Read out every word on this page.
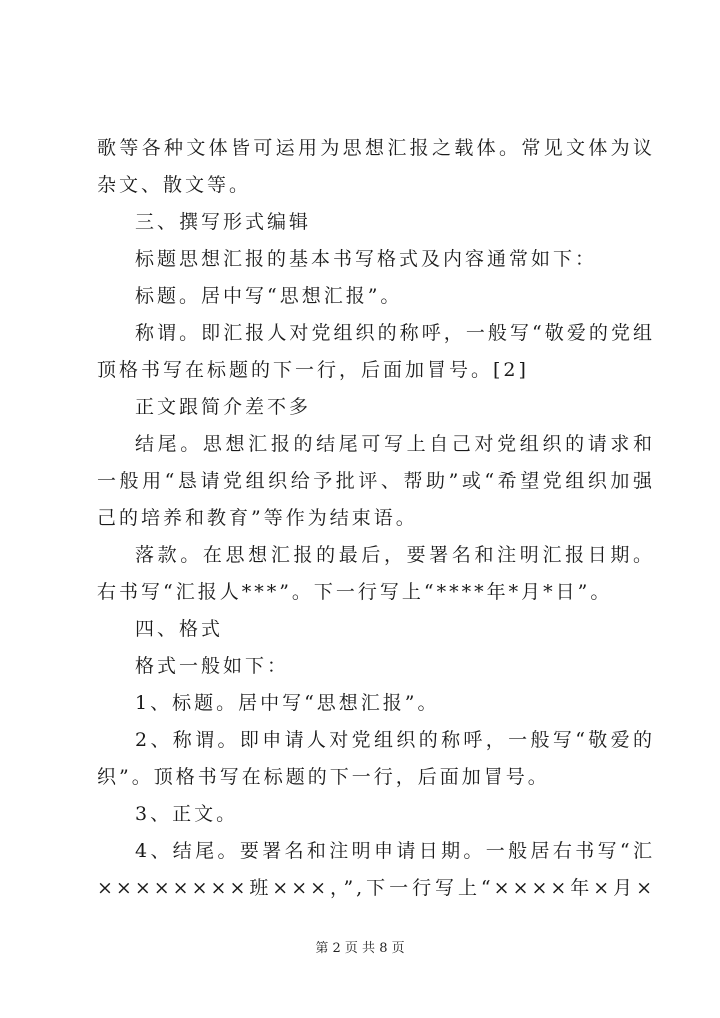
歌等各种文体皆可运用为思想汇报之载体。常见文体为议
杂文、散文等。
三、撰写形式编辑
标题思想汇报的基本书写格式及内容通常如下：
标题。居中写“思想汇报”。
称谓。即汇报人对党组织的称呼，一般写“敬爱的党组
顶格书写在标题的下一行，后面加冒号。[2]
正文跟简介差不多
结尾。思想汇报的结尾可写上自己对党组织的请求和
一般用“恳请党组织给予批评、帮助”或“希望党组织加强
己的培养和教育”等作为结束语。
落款。在思想汇报的最后，要署名和注明汇报日期。
右书写“汇报人***”。下一行写上“****年*月*日”。
四、格式
格式一般如下：
1、标题。居中写“思想汇报”。
2、称谓。即申请人对党组织的称呼，一般写“敬爱的
织”。顶格书写在标题的下一行，后面加冒号。
3、正文。
4、结尾。要署名和注明申请日期。一般居右书写“汇
××××××××班×××，”,下一行写上“××××年×月×
第 2 页 共 8 页
